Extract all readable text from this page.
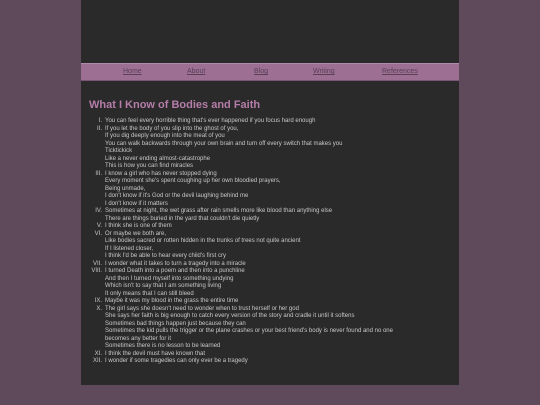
Home	About	Blog	Writing	References
What I Know of Bodies and Faith
I. You can feel every horrible thing that's ever happened if you focus hard enough
II. If you let the body of you slip into the ghost of you,
If you dig deeply enough into the meat of you
You can walk backwards through your own brain and turn off every switch that makes you
Ticktickick
Like a never ending almost-catastrophe
This is how you can find miracles
III. I know a girl who has never stopped dying
Every moment she's spent coughing up her own bloodied prayers,
Being unmade,
I don't know if it's God or the devil laughing behind me
I don't know if it matters
IV. Sometimes at night, the wet grass after rain smells more like blood than anything else
There are things buried in the yard that couldn't die quietly
V. I think she is one of them
VI. Or maybe we both are,
Like bodies sacred or rotten hidden in the trunks of trees not quite ancient
If I listened closer,
I think I'd be able to hear every child's first cry
VII. I wonder what it takes to turn a tragedy into a miracle
VIII. I turned Death into a poem and then into a punchline
And then I turned myself into something undying
Which isn't to say that I am something living
It only means that I can still bleed
IX. Maybe it was my blood in the grass the entire time
X. The girl says she doesn't need to wonder when to trust herself or her god
She says her faith is big enough to catch every version of the story and cradle it until it softens
Sometimes bad things happen just because they can
Sometimes the kid pulls the trigger or the plane crashes or your best friend's body is never found and no one
becomes any better for it
Sometimes there is no lesson to be learned
XI. I think the devil must have known that
XII. I wonder if some tragedies can only ever be a tragedy
